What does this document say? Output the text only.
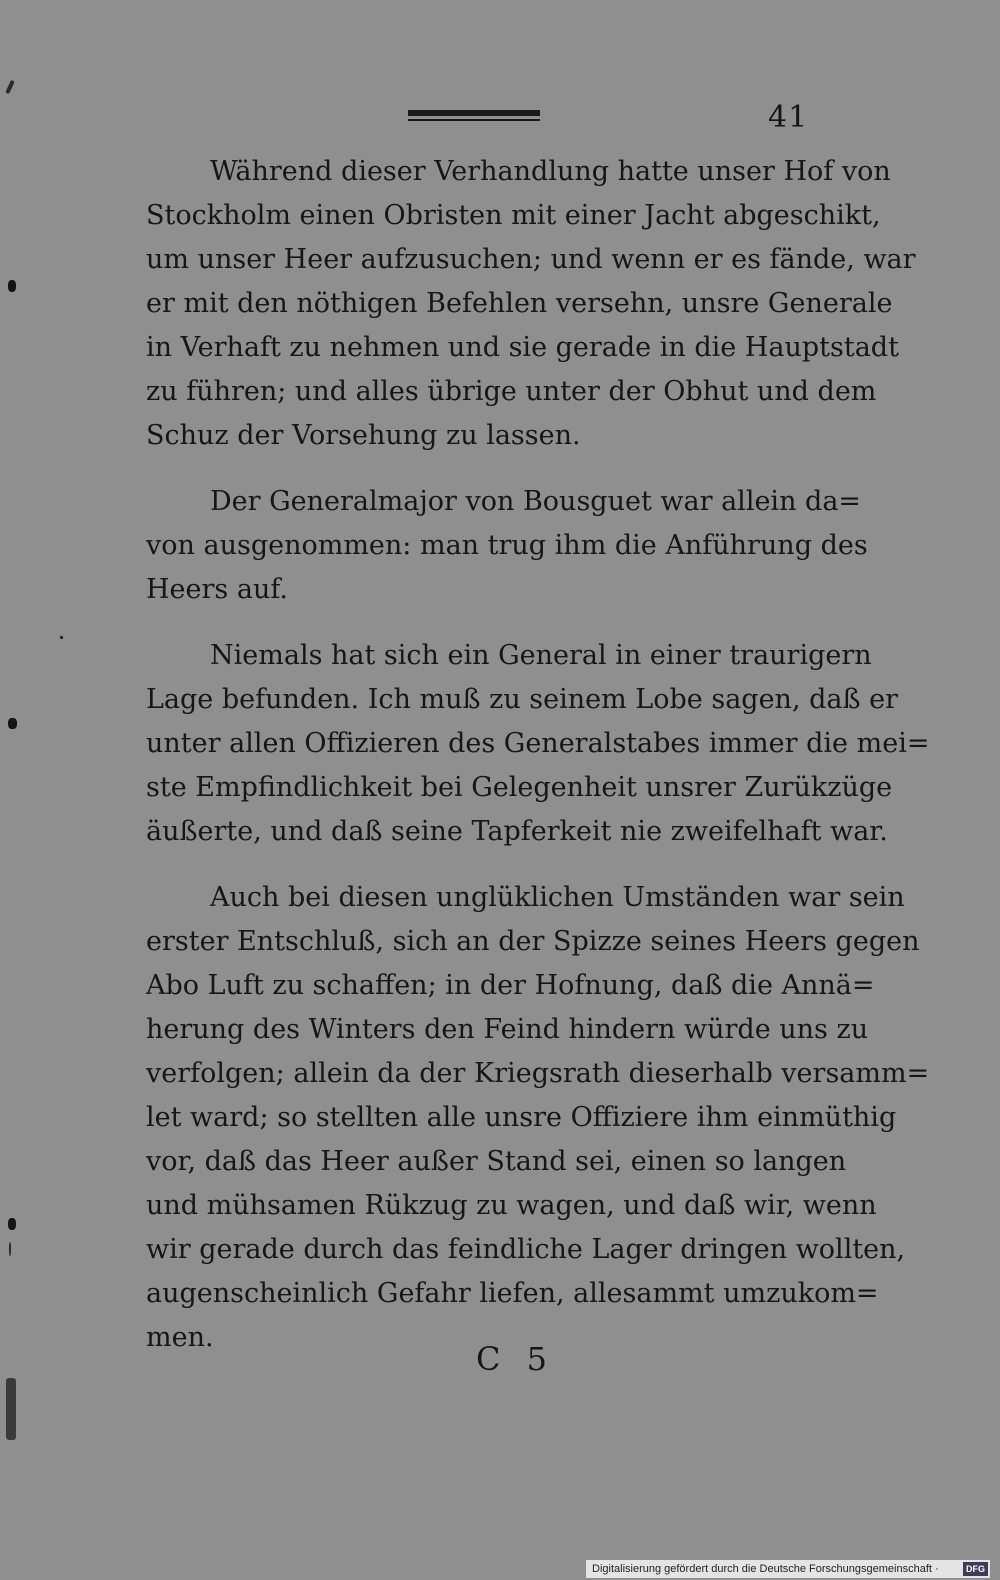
41

Während dieser Verhandlung hatte unser Hof von
Stockholm einen Obristen mit einer Jacht abgeschikt,
um unser Heer aufzusuchen; und wenn er es fände, war
er mit den nöthigen Befehlen versehn, unsre Generale
in Verhaft zu nehmen und sie gerade in die Hauptstadt
zu führen; und alles übrige unter der Obhut und dem
Schuz der Vorsehung zu lassen.

Der Generalmajor von Bousguet war allein da=
von ausgenommen: man trug ihm die Anführung des
Heers auf.

Niemals hat sich ein General in einer traurigern
Lage befunden. Ich muß zu seinem Lobe sagen, daß er
unter allen Offizieren des Generalstabes immer die mei=
ste Empfindlichkeit bei Gelegenheit unsrer Zurükzüge
äußerte, und daß seine Tapferkeit nie zweifelhaft war.

Auch bei diesen unglüklichen Umständen war sein
erster Entschluß, sich an der Spizze seines Heers gegen
Abo Luft zu schaffen; in der Hofnung, daß die Annä=
herung des Winters den Feind hindern würde uns zu
verfolgen; allein da der Kriegsrath dieserhalb versamm=
let ward; so stellten alle unsre Offiziere ihm einmüthig
vor, daß das Heer außer Stand sei, einen so langen
und mühsamen Rükzug zu wagen, und daß wir, wenn
wir gerade durch das feindliche Lager dringen wollten,
augenscheinlich Gefahr liefen, allesammt umzukom=
men.

C 5
Digitalisierung gefördert durch die Deutsche Forschungsgemeinschaft ·	DFG
